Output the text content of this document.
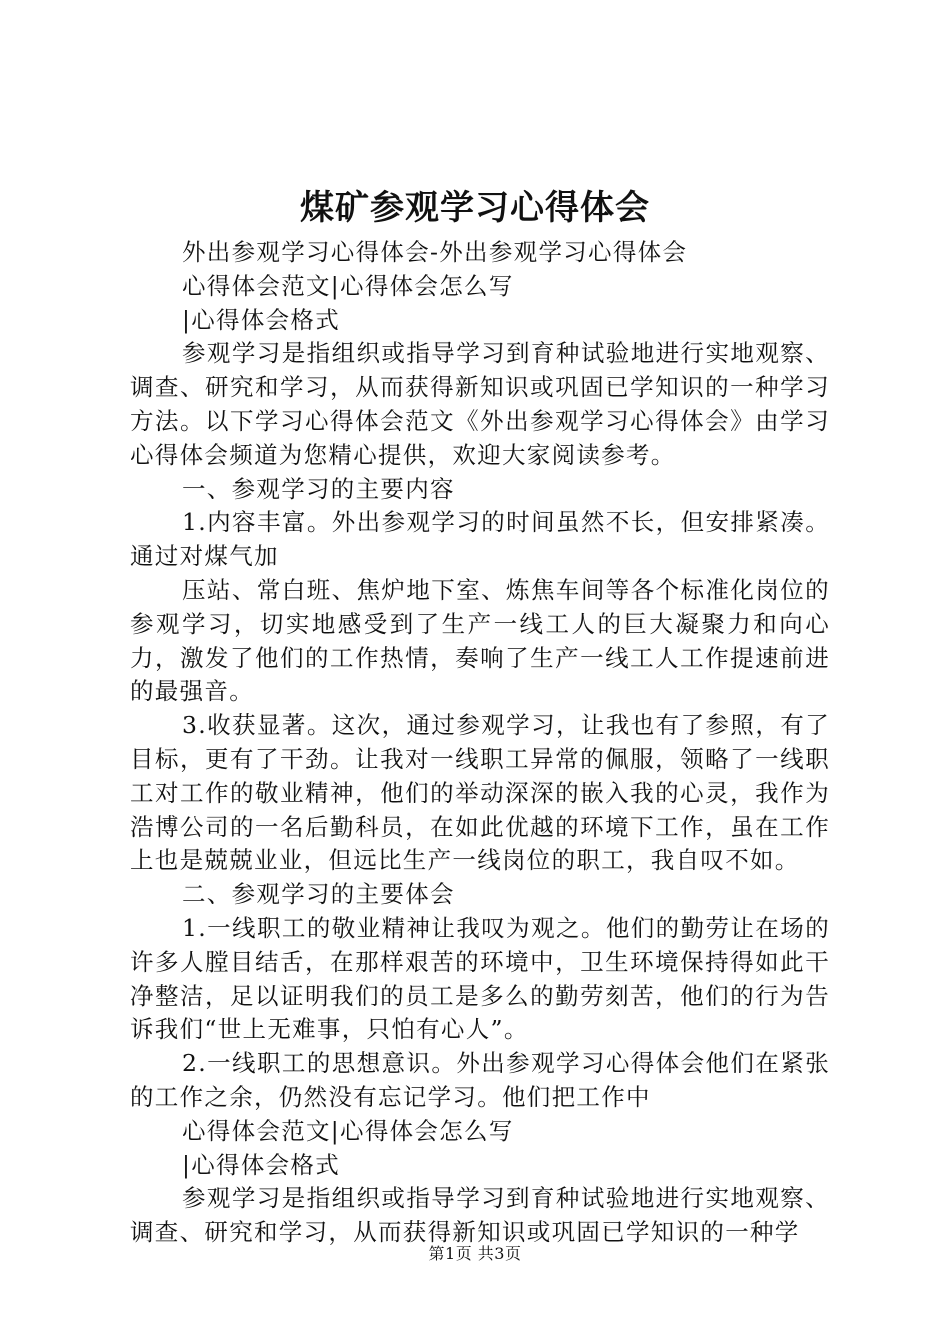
煤矿参观学习心得体会

外出参观学习心得体会-外出参观学习心得体会

心得体会范文|心得体会怎么写

|心得体会格式

参观学习是指组织或指导学习到育种试验地进行实地观察、调查、研究和学习，从而获得新知识或巩固已学知识的一种学习方法。以下学习心得体会范文《外出参观学习心得体会》由学习心得体会频道为您精心提供，欢迎大家阅读参考。

一、参观学习的主要内容

1.内容丰富。外出参观学习的时间虽然不长，但安排紧凑。通过对煤气加

压站、常白班、焦炉地下室、炼焦车间等各个标准化岗位的参观学习，切实地感受到了生产一线工人的巨大凝聚力和向心力，激发了他们的工作热情，奏响了生产一线工人工作提速前进的最强音。

3.收获显著。这次，通过参观学习，让我也有了参照，有了目标，更有了干劲。让我对一线职工异常的佩服，领略了一线职工对工作的敬业精神，他们的举动深深的嵌入我的心灵，我作为浩博公司的一名后勤科员，在如此优越的环境下工作，虽在工作上也是兢兢业业，但远比生产一线岗位的职工，我自叹不如。

二、参观学习的主要体会

1.一线职工的敬业精神让我叹为观之。他们的勤劳让在场的许多人膛目结舌，在那样艰苦的环境中，卫生环境保持得如此干净整洁，足以证明我们的员工是多么的勤劳刻苦，他们的行为告诉我们“世上无难事，只怕有心人”。

2.一线职工的思想意识。外出参观学习心得体会他们在紧张的工作之余，仍然没有忘记学习。他们把工作中

心得体会范文|心得体会怎么写

|心得体会格式

参观学习是指组织或指导学习到育种试验地进行实地观察、调查、研究和学习，从而获得新知识或巩固已学知识的一种学

第1页 共3页
